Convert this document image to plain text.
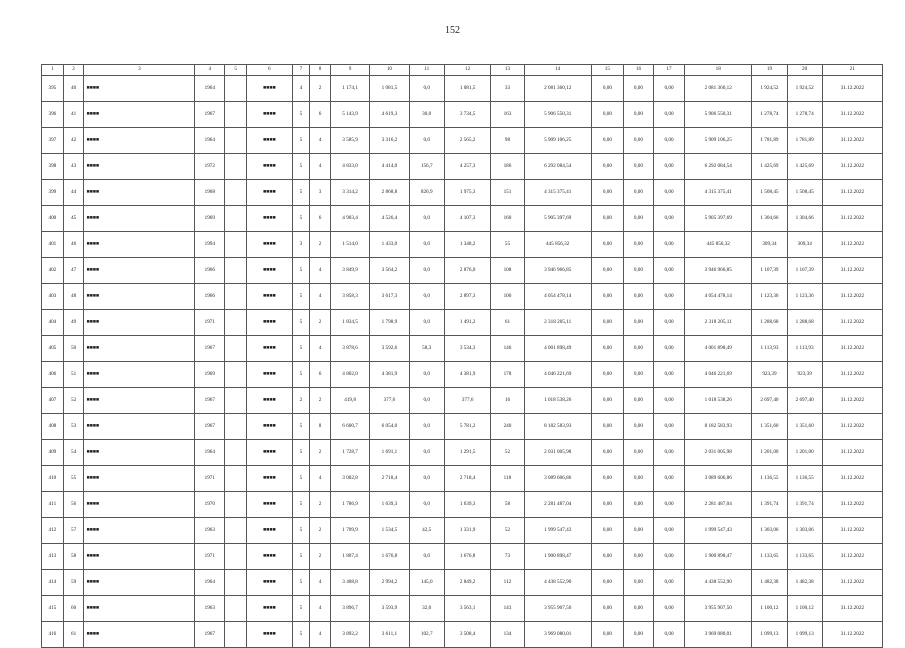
152
1	2	3	4	5	6	7	8	9	10	11	12	13	14	15	16	17	18	19	20	21
395	40	■■■■	1964		■■■■	4	2	1 174,1	1 081,5	0,0	1 081,5	33	2 081 360,12	0,00	0,00	0,00	2 081 360,12	1 924,52	1 924,52	31.12.2022
396	41	■■■■	1967		■■■■	5	6	5 143,9	4 619,3	30,0	3 734,5	163	5 906 550,31	0,00	0,00	0,00	5 906 550,31	1 278,74	1 278,74	31.12.2022
397	42	■■■■	1964		■■■■	5	4	3 585,9	3 316,2	0,0	2 565,2	98	5 909 106,25	0,00	0,00	0,00	5 909 106,25	1 781,89	1 781,89	31.12.2022
398	43	■■■■	1972		■■■■	5	4	4 833,0	4 414,0	156,7	4 257,3	186	6 292 084,54	0,00	0,00	0,00	6 292 084,54	1 425,69	1 425,69	31.12.2022
399	44	■■■■	1968		■■■■	5	3	3 314,2	2 868,8	820,9	1 975,3	151	4 315 375,41	0,00	0,00	0,00	4 315 375,41	1 508,45	1 508,45	31.12.2022
400	45	■■■■	1969		■■■■	5	6	4 903,4	4 526,4	0,0	4 107,3	160	5 905 397,69	0,00	0,00	0,00	5 905 397,69	1 304,66	1 304,66	31.12.2022
401	46	■■■■	1994		■■■■	3	2	1 514,0	1 433,0	0,0	1 348,2	55	445 856,32	0,00	0,00	0,00	445 856,32	309,34	309,34	31.12.2022
402	47	■■■■	1966		■■■■	5	4	3 849,9	3 564,2	0,0	2 876,0	108	3 946 966,85	0,00	0,00	0,00	3 946 966,85	1 107,39	1 107,39	31.12.2022
403	48	■■■■	1966		■■■■	5	4	3 858,3	3 617,3	0,0	2 897,3	100	4 054 478,14	0,00	0,00	0,00	4 054 478,14	1 123,36	1 123,36	31.12.2022
404	49	■■■■	1971		■■■■	5	2	1 834,5	1 798,9	0,0	1 491,2	61	2 318 205,11	0,00	0,00	0,00	2 318 205,11	1 288,68	1 288,68	31.12.2022
405	50	■■■■	1967		■■■■	5	4	3 878,6	3 592,6	58,3	3 534,3	146	4 001 898,49	0,00	0,00	0,00	4 001 898,49	1 113,93	1 113,93	31.12.2022
406	51	■■■■	1969		■■■■	5	6	4 802,0	4 381,9	0,0	4 381,9	178	4 046 221,69	0,00	0,00	0,00	4 046 221,69	923,39	923,39	31.12.2022
407	52	■■■■	1967		■■■■	2	2	419,8	377,6	0,0	377,6	16	1 018 538,26	0,00	0,00	0,00	1 018 538,26	2 697,40	2 697,40	31.12.2022
408	53	■■■■	1967		■■■■	5	8	6 600,7	6 054,0	0,0	5 781,2	240	8 182 583,93	0,00	0,00	0,00	8 182 583,93	1 351,60	1 351,60	31.12.2022
409	54	■■■■	1964		■■■■	5	2	1 728,7	1 691,1	0,0	1 291,5	52	2 031 005,98	0,00	0,00	0,00	2 031 005,98	1 201,00	1 201,00	31.12.2022
410	55	■■■■	1971		■■■■	5	4	3 002,8	2 718,4	0,0	2 718,4	118	3 089 606,86	0,00	0,00	0,00	3 089 606,86	1 136,55	1 136,55	31.12.2022
411	56	■■■■	1970		■■■■	5	2	1 786,9	1 639,3	0,0	1 639,3	58	2 281 487,04	0,00	0,00	0,00	2 281 487,04	1 391,74	1 391,74	31.12.2022
412	57	■■■■	1963		■■■■	5	2	1 709,9	1 534,5	42,5	1 331,9	52	1 999 547,43	0,00	0,00	0,00	1 999 547,43	1 303,06	1 303,06	31.12.2022
413	58	■■■■	1971		■■■■	5	2	1 807,4	1 676,8	0,0	1 676,8	73	1 900 898,47	0,00	0,00	0,00	1 900 898,47	1 133,65	1 133,65	31.12.2022
414	59	■■■■	1964		■■■■	5	4	3 408,8	2 994,2	145,0	2 849,2	112	4 438 552,90	0,00	0,00	0,00	4 438 552,90	1 482,38	1 482,38	31.12.2022
415	60	■■■■	1963		■■■■	5	4	3 896,7	3 593,9	32,0	3 563,1	143	3 955 907,50	0,00	0,00	0,00	3 955 907,50	1 100,12	1 100,12	31.12.2022
416	61	■■■■	1967		■■■■	5	4	3 892,2	3 611,1	102,7	3 508,4	134	3 969 080,01	0,00	0,00	0,00	3 969 080,01	1 099,13	1 099,13	31.12.2022
